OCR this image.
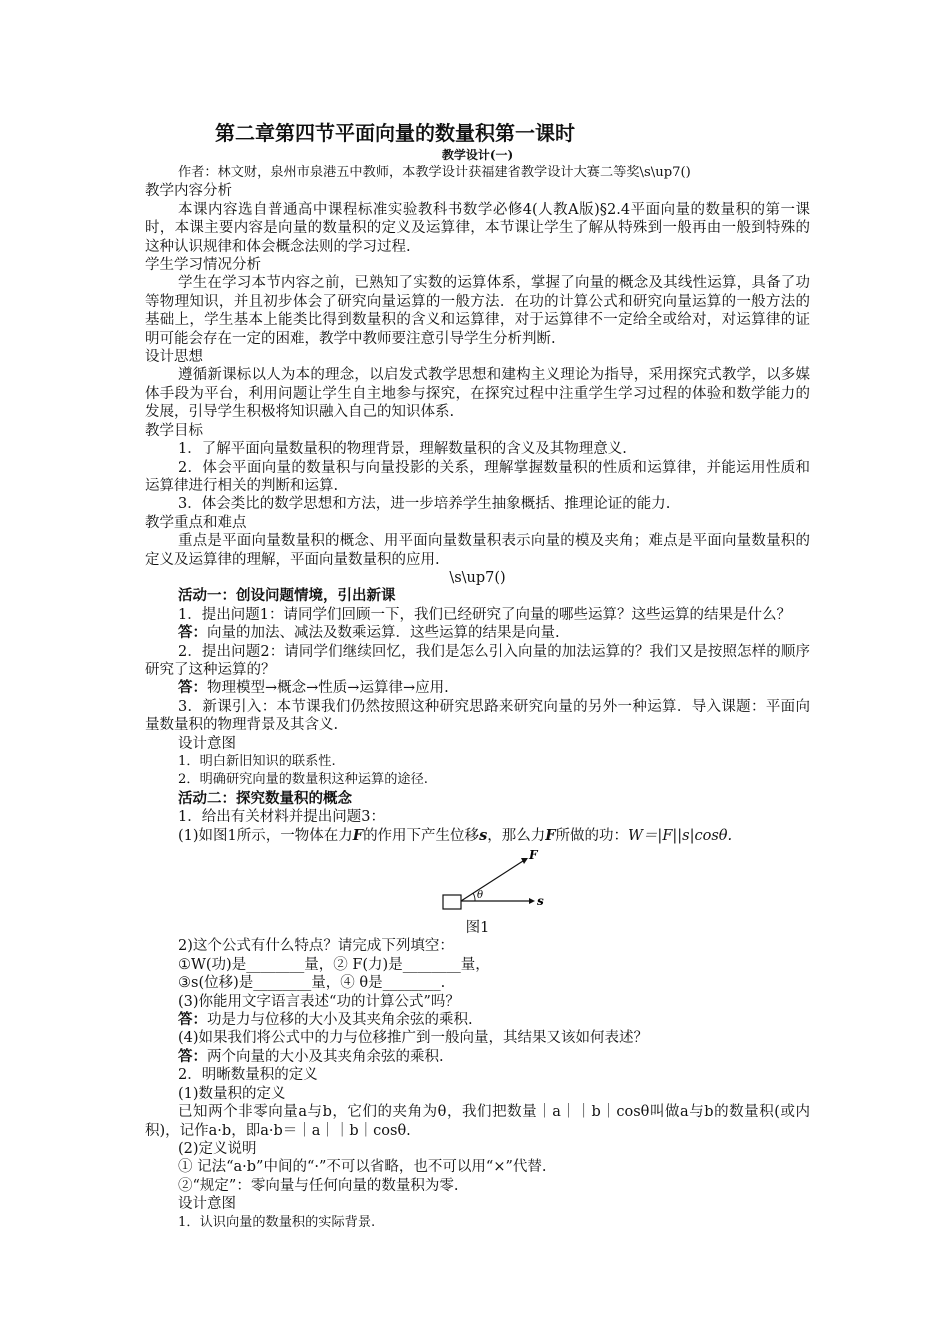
第二章第四节平面向量的数量积第一课时

教学设计(一)

作者：林文财，泉州市泉港五中教师，本教学设计获福建省教学设计大赛二等奖\s\up7()

教学内容分析

本课内容选自普通高中课程标准实验教科书数学必修4(人教A版)§2.4平面向量的数量积的第一课时，本课主要内容是向量的数量积的定义及运算律，本节课让学生了解从特殊到一般再由一般到特殊的这种认识规律和体会概念法则的学习过程.

学生学习情况分析

学生在学习本节内容之前，已熟知了实数的运算体系，掌握了向量的概念及其线性运算，具备了功等物理知识，并且初步体会了研究向量运算的一般方法．在功的计算公式和研究向量运算的一般方法的基础上，学生基本上能类比得到数量积的含义和运算律，对于运算律不一定给全或给对，对运算律的证明可能会存在一定的困难，教学中教师要注意引导学生分析判断.

设计思想

遵循新课标以人为本的理念，以启发式教学思想和建构主义理论为指导，采用探究式教学，以多媒体手段为平台，利用问题让学生自主地参与探究，在探究过程中注重学生学习过程的体验和数学能力的发展，引导学生积极将知识融入自己的知识体系.

教学目标

1．了解平面向量数量积的物理背景，理解数量积的含义及其物理意义.

2．体会平面向量的数量积与向量投影的关系，理解掌握数量积的性质和运算律，并能运用性质和运算律进行相关的判断和运算.

3．体会类比的数学思想和方法，进一步培养学生抽象概括、推理论证的能力.

教学重点和难点

重点是平面向量数量积的概念、用平面向量数量积表示向量的模及夹角；难点是平面向量数量积的定义及运算律的理解，平面向量数量积的应用.

\s\up7()

活动一：创设问题情境，引出新课

1．提出问题1：请同学们回顾一下，我们已经研究了向量的哪些运算？这些运算的结果是什么？

答：向量的加法、减法及数乘运算．这些运算的结果是向量.

2．提出问题2：请同学们继续回忆，我们是怎么引入向量的加法运算的？我们又是按照怎样的顺序研究了这种运算的？

答：物理模型→概念→性质→运算律→应用.

3．新课引入：本节课我们仍然按照这种研究思路来研究向量的另外一种运算．导入课题：平面向量数量积的物理背景及其含义.

设计意图

1．明白新旧知识的联系性.

2．明确研究向量的数量积这种运算的途径.

活动二：探究数量积的概念

1．给出有关材料并提出问题3：

(1)如图1所示，一物体在力F的作用下产生位移s，那么力F所做的功：W＝|F||s|cosθ.

θ
F
s

图1

2)这个公式有什么特点？请完成下列填空：

①W(功)是________量，② F(力)是________量，

③s(位移)是________量，④ θ是________.

(3)你能用文字语言表述“功的计算公式”吗？

答：功是力与位移的大小及其夹角余弦的乘积.

(4)如果我们将公式中的力与位移推广到一般向量，其结果又该如何表述？

答：两个向量的大小及其夹角余弦的乘积.

2．明晰数量积的定义

(1)数量积的定义

已知两个非零向量a与b，它们的夹角为θ，我们把数量｜a｜｜b｜cosθ叫做a与b的数量积(或内积)，记作a·b，即a·b＝｜a｜｜b｜cosθ.

(2)定义说明

① 记法“a·b”中间的“·”不可以省略，也不可以用“×”代替.

②“规定”：零向量与任何向量的数量积为零.

设计意图

1．认识向量的数量积的实际背景.
